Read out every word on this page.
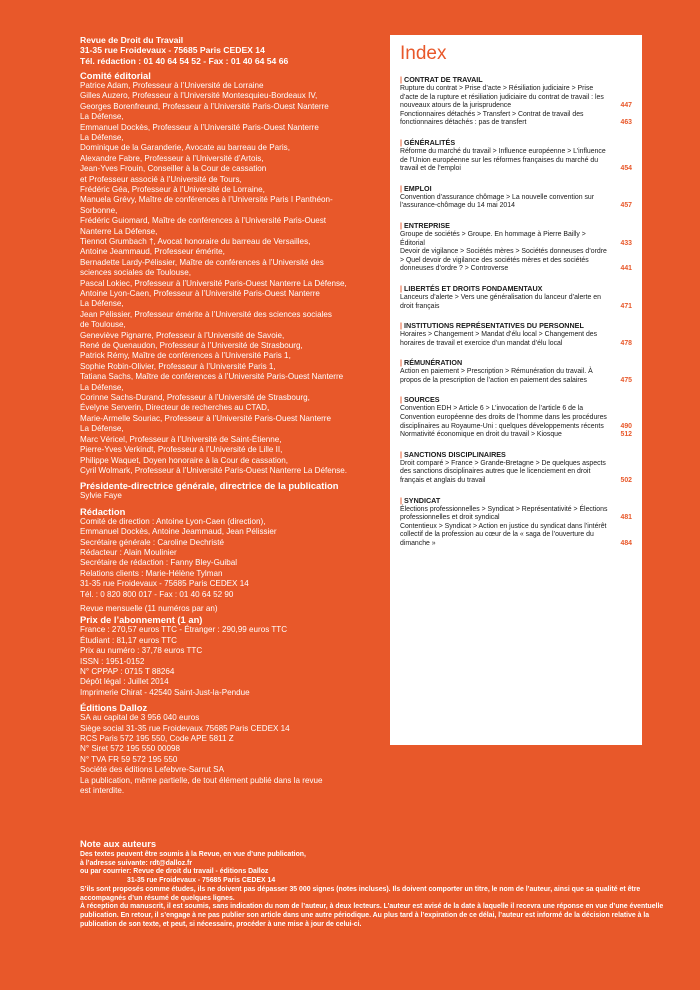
Revue de Droit du Travail
31-35 rue Froidevaux - 75685 Paris CEDEX 14
Tél. rédaction : 01 40 64 54 52 - Fax : 01 40 64 54 66
Comité éditorial
Patrice Adam, Professeur à l’Université de Lorraine
Gilles Auzero, Professeur à l’Université Montesquieu-Bordeaux IV,
Georges Borenfreund, Professeur à l’Université Paris-Ouest Nanterre
La Défense,
Emmanuel Dockès, Professeur à l’Université Paris-Ouest Nanterre
La Défense,
Dominique de la Garanderie, Avocate au barreau de Paris,
Alexandre Fabre, Professeur à l’Université d’Artois,
Jean-Yves Frouin, Conseiller à la Cour de cassation
et Professeur associé à l’Université de Tours,
Frédéric Géa, Professeur à l’Université de Lorraine,
Manuela Grévy, Maître de conférences à l’Université Paris I Panthéon-
Sorbonne,
Frédéric Guiomard, Maître de conférences à l’Université Paris-Ouest
Nanterre La Défense,
Tiennot Grumbach †, Avocat honoraire du barreau de Versailles,
Antoine Jeammaud, Professeur émérite,
Bernadette Lardy-Pélissier, Maître de conférences à l’Université des
sciences sociales de Toulouse,
Pascal Lokiec, Professeur à l’Université Paris-Ouest Nanterre La Défense,
Antoine Lyon-Caen, Professeur à l’Université Paris-Ouest Nanterre
La Défense,
Jean Pélissier, Professeur émérite à l’Université des sciences sociales
de Toulouse,
Geneviève Pignarre, Professeur à l’Université de Savoie,
René de Quenaudon, Professeur à l’Université de Strasbourg,
Patrick Rémy, Maître de conférences à l’Université Paris 1,
Sophie Robin-Olivier, Professeur à l’Université Paris 1,
Tatiana Sachs, Maître de conférences à l’Université Paris-Ouest Nanterre
La Défense,
Corinne Sachs-Durand, Professeur à l’Université de Strasbourg,
Évelyne Serverin, Directeur de recherches au CTAD,
Marie-Armelle Souriac, Professeur à l’Université Paris-Ouest Nanterre
La Défense,
Marc Véricel, Professeur à l’Université de Saint-Étienne,
Pierre-Yves Verkindt, Professeur à l’Université de Lille II,
Philippe Waquet, Doyen honoraire à la Cour de cassation,
Cyril Wolmark, Professeur à l’Université Paris-Ouest Nanterre La Défense.
Présidente-directrice générale, directrice de la publication
Sylvie Faye
Rédaction
Comité de direction : Antoine Lyon-Caen (direction),
Emmanuel Dockès, Antoine Jeammaud, Jean Pélissier
Secrétaire générale : Caroline Dechristé
Rédacteur : Alain Moulinier
Secrétaire de rédaction : Fanny Bley-Guibal
Relations clients : Marie-Hélène Tylman
31-35 rue Froidevaux - 75685 Paris CEDEX 14
Tél. : 0 820 800 017 - Fax : 01 40 64 52 90
Revue mensuelle (11 numéros par an)
Prix de l’abonnement (1 an)
France : 270,57 euros TTC - Étranger : 290,99 euros TTC
Étudiant : 81,17 euros TTC
Prix au numéro : 37,78 euros TTC
ISSN : 1951-0152
N° CPPAP : 0715 T 88264
Dépôt légal : Juillet 2014
Imprimerie Chirat - 42540 Saint-Just-la-Pendue
Éditions Dalloz
SA au capital de 3 956 040 euros
Siège social 31-35 rue Froidevaux 75685 Paris CEDEX 14
RCS Paris 572 195 550, Code APE 5811 Z
N° Siret 572 195 550 00098
N° TVA FR 59 572 195 550
Société des éditions Lefebvre-Sarrut SA
La publication, même partielle, de tout élément publié dans la revue
est interdite.
Note aux auteurs
Des textes peuvent être soumis à la Revue, en vue d’une publication,
à l’adresse suivante: rdt@dalloz.fr
ou par courrier: Revue de droit du travail - éditions Dalloz
31-35 rue Froidevaux - 75685 Paris CEDEX 14
S’ils sont proposés comme études, ils ne doivent pas dépasser 35 000 signes (notes incluses). Ils doivent comporter un titre, le nom de l’auteur, ainsi que sa qualité et être accompagnés d’un résumé de quelques lignes.
À réception du manuscrit, il est soumis, sans indication du nom de l’auteur, à deux lecteurs. L’auteur est avisé de la date à laquelle il recevra une réponse en vue d’une éventuelle publication. En retour, il s’engage à ne pas publier son article dans une autre périodique. Au plus tard à l’expiration de ce délai, l’auteur est informé de la décision relative à la publication de son texte, et peut, si nécessaire, procéder à une mise à jour de celui-ci.
Index
| CONTRAT DE TRAVAIL
Rupture du contrat > Prise d’acte > Résiliation judiciaire > Prise d’acte de la rupture et résiliation judiciaire du contrat de travail : les nouveaux atours de la jurisprudence	447
Fonctionnaires détachés > Transfert > Contrat de travail des fonctionnaires détachés : pas de transfert	463
| GÉNÉRALITÉS
Réforme du marché du travail > Influence européenne > L’influence de l’Union européenne sur les réformes françaises du marché du travail et de l’emploi	454
| EMPLOI
Convention d’assurance chômage > La nouvelle convention sur l’assurance-chômage du 14 mai 2014	457
| ENTREPRISE
Groupe de sociétés > Groupe. En hommage à Pierre Bailly > Éditorial	433
Devoir de vigilance > Sociétés mères > Sociétés donneuses d’ordre > Quel devoir de vigilance des sociétés mères et des sociétés donneuses d’ordre ? > Controverse	441
| LIBERTÉS ET DROITS FONDAMENTAUX
Lanceurs d’alerte > Vers une généralisation du lanceur d’alerte en droit français	471
| INSTITUTIONS REPRÉSENTATIVES DU PERSONNEL
Horaires > Changement > Mandat d’élu local > Changement des horaires de travail et exercice d’un mandat d’élu local	478
| RÉMUNÉRATION
Action en paiement > Prescription > Rémunération du travail. À propos de la prescription de l’action en paiement des salaires	475
| SOURCES
Convention EDH > Article 6 > L’invocation de l’article 6 de la Convention européenne des droits de l’homme dans les procédures disciplinaires au Royaume-Uni : quelques développements récents	490
Normativité économique en droit du travail > Kiosque	512
| SANCTIONS DISCIPLINAIRES
Droit comparé > France > Grande-Bretagne > De quelques aspects des sanctions disciplinaires autres que le licenciement en droit français et anglais du travail	502
| SYNDICAT
Élections professionnelles > Syndicat > Représentativité > Élections professionnelles et droit syndical	481
Contentieux > Syndicat > Action en justice du syndicat dans l’intérêt collectif de la profession au cœur de la « saga de l’ouverture du dimanche »	484
